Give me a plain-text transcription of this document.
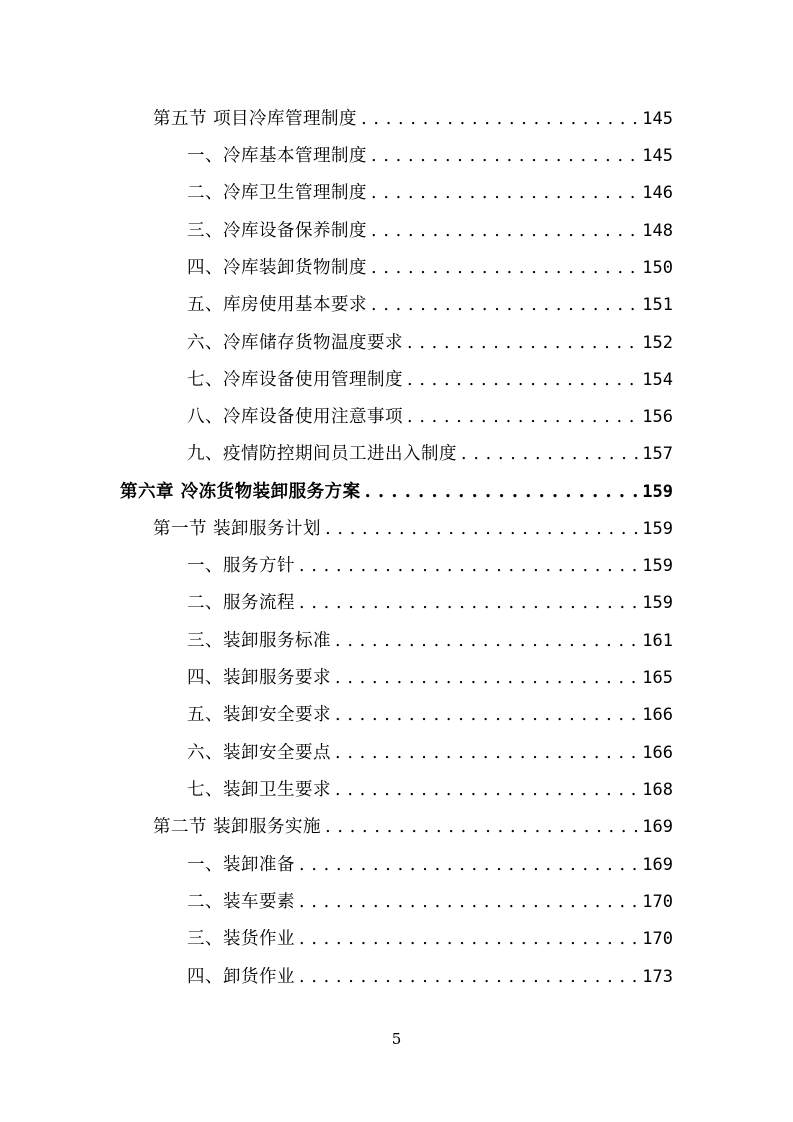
第五节 项目冷库管理制度 . . .	145
一、冷库基本管理制度 . . .	145
二、冷库卫生管理制度 . . .	146
三、冷库设备保养制度 . . .	148
四、冷库装卸货物制度 . . .	150
五、库房使用基本要求 . . .	151
六、冷库储存货物温度要求 . . .	152
七、冷库设备使用管理制度 . . .	154
八、冷库设备使用注意事项 . . .	156
九、疫情防控期间员工进出入制度 . . .	157
第六章 冷冻货物装卸服务方案 . . .	159
第一节 装卸服务计划 . . .	159
一、服务方针 . . .	159
二、服务流程 . . .	159
三、装卸服务标准 . . .	161
四、装卸服务要求 . . .	165
五、装卸安全要求 . . .	166
六、装卸安全要点 . . .	166
七、装卸卫生要求 . . .	168
第二节 装卸服务实施 . . .	169
一、装卸准备 . . .	169
二、装车要素 . . .	170
三、装货作业 . . .	170
四、卸货作业 . . .	173
5
